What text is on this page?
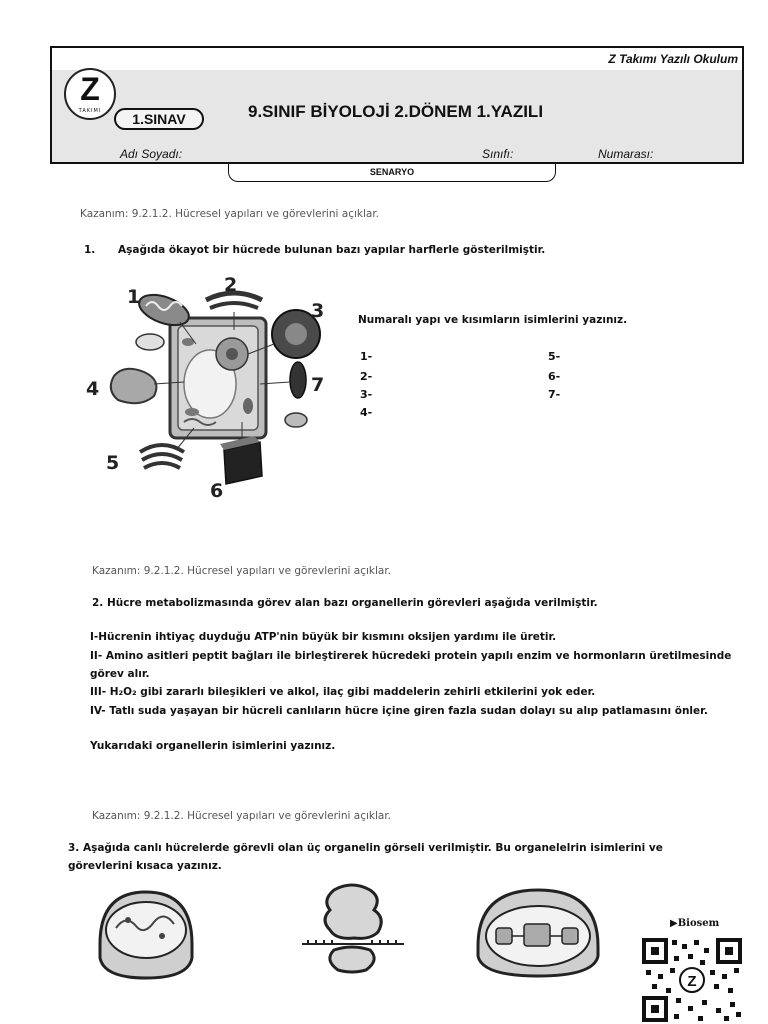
Z Takımı Yazılı Okulum
Z
TAKIMI	1.SINAV	9.SINIF BİYOLOJİ 2.DÖNEM 1.YAZILI
Adı Soyadı:	Sınıfı:	Numarası:
SENARYO
Kazanım: 9.2.1.2. Hücresel yapıları ve görevlerini açıklar.
1. Aşağıda ökayot bir hücrede bulunan bazı yapılar harflerle gösterilmiştir.
1
2
3
4
5
6
7
Numaralı yapı ve kısımların isimlerini yazınız.
1-
2-
3-
4-
5-
6-
7-
Kazanım: 9.2.1.2. Hücresel yapıları ve görevlerini açıklar.
2. Hücre metabolizmasında görev alan bazı organellerin görevleri aşağıda verilmiştir.
I-Hücrenin ihtiyaç duyduğu ATP'nin büyük bir kısmını oksijen yardımı ile üretir.
II- Amino asitleri peptit bağları ile birleştirerek hücredeki protein yapılı enzim ve hormonların üretilmesinde
görev alır.
III- H₂O₂ gibi zararlı bileşikleri ve alkol, ilaç gibi maddelerin zehirli etkilerini yok eder.
IV- Tatlı suda yaşayan bir hücreli canlıların hücre içine giren fazla sudan dolayı su alıp patlamasını önler.
Yukarıdaki organellerin isimlerini yazınız.
Kazanım: 9.2.1.2. Hücresel yapıları ve görevlerini açıklar.
3. Aşağıda canlı hücrelerde görevli olan üç organelin görseli verilmiştir. Bu organelelrin isimlerini ve
görevlerini kısaca yazınız.
▶Biosem
Z
